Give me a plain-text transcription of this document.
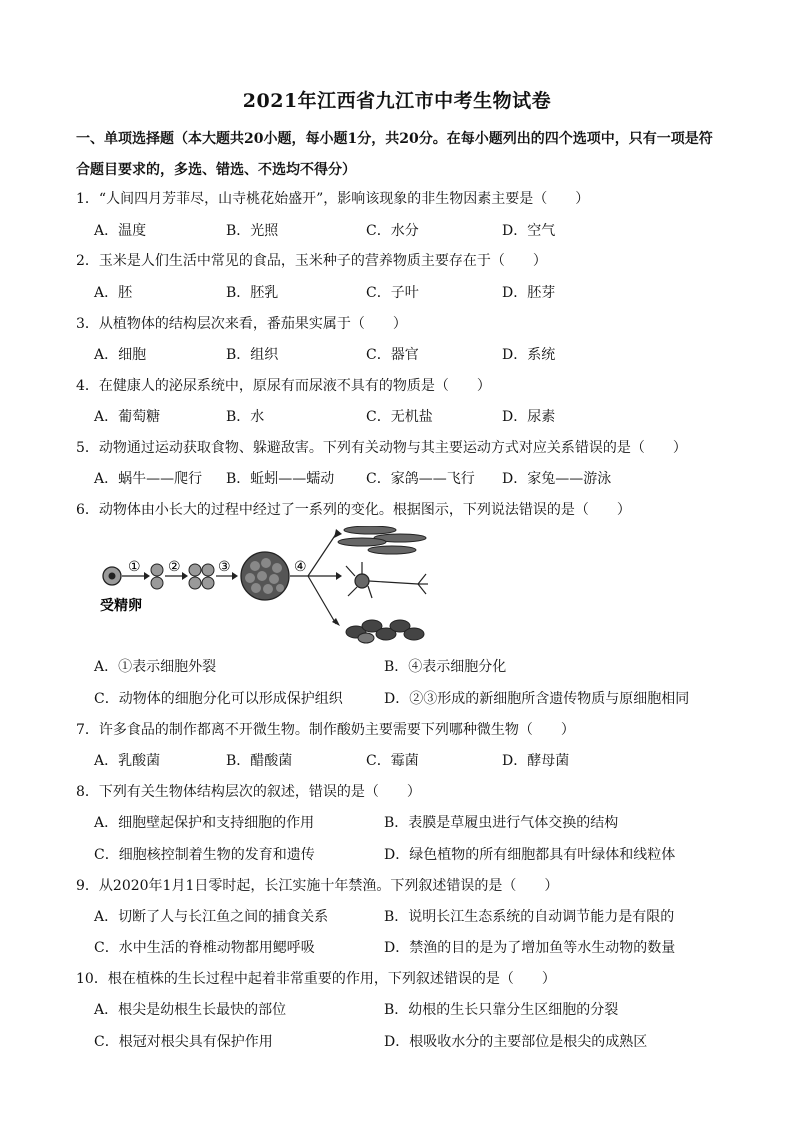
2021年江西省九江市中考生物试卷
一、单项选择题（本大题共20小题，每小题1分，共20分。在每小题列出的四个选项中，只有一项是符合题目要求的，多选、错选、不选均不得分）
1．“人间四月芳菲尽，山寺桃花始盛开”，影响该现象的非生物因素主要是（　　）
A．温度	B．光照	C．水分	D．空气
2．玉米是人们生活中常见的食品，玉米种子的营养物质主要存在于（　　）
A．胚	B．胚乳	C．子叶	D．胚芽
3．从植物体的结构层次来看，番茄果实属于（　　）
A．细胞	B．组织	C．器官	D．系统
4．在健康人的泌尿系统中，原尿有而尿液不具有的物质是（　　）
A．葡萄糖	B．水	C．无机盐	D．尿素
5．动物通过运动获取食物、躲避敌害。下列有关动物与其主要运动方式对应关系错误的是（　　）
A．蜗牛——爬行 B．蚯蚓——蠕动 C．家鸽——飞行 D．家兔——游泳
6．动物体由小长大的过程中经过了一系列的变化。根据图示，下列说法错误的是（　　）
① ②	③	④
受精卵
A．①表示细胞外裂	B．④表示细胞分化
C．动物体的细胞分化可以形成保护组织	D．②③形成的新细胞所含遗传物质与原细胞相同
7．许多食品的制作都离不开微生物。制作酸奶主要需要下列哪种微生物（　　）
A．乳酸菌	B．醋酸菌	C．霉菌	D．酵母菌
8．下列有关生物体结构层次的叙述，错误的是（　　）
A．细胞壁起保护和支持细胞的作用	B．表膜是草履虫进行气体交换的结构
C．细胞核控制着生物的发育和遗传	D．绿色植物的所有细胞都具有叶绿体和线粒体
9．从2020年1月1日零时起，长江实施十年禁渔。下列叙述错误的是（　　）
A．切断了人与长江鱼之间的捕食关系	B．说明长江生态系统的自动调节能力是有限的
C．水中生活的脊椎动物都用鳃呼吸	D．禁渔的目的是为了增加鱼等水生动物的数量
10．根在植株的生长过程中起着非常重要的作用，下列叙述错误的是（　　）
A．根尖是幼根生长最快的部位	B．幼根的生长只靠分生区细胞的分裂
C．根冠对根尖具有保护作用	D．根吸收水分的主要部位是根尖的成熟区
